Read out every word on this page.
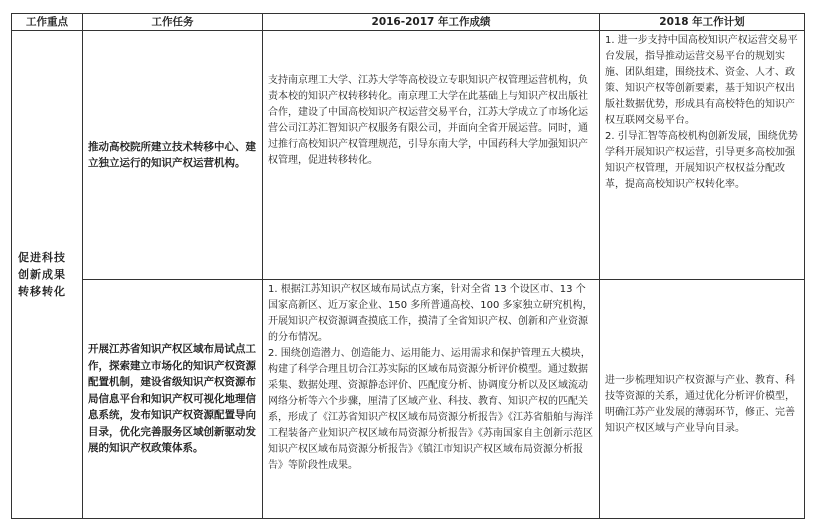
工作重点	工作任务	2016-2017 年工作成绩	2018 年工作计划
促进科技创新成果转移转化	推动高校院所建立技术转移中心、建立独立运行的知识产权运营机构。	支持南京理工大学、江苏大学等高校设立专职知识产权管理运营机构，负责本校的知识产权转移转化。南京理工大学在此基础上与知识产权出版社合作，建设了中国高校知识产权运营交易平台，江苏大学成立了市场化运营公司江苏汇智知识产权服务有限公司，并面向全省开展运营。同时，通过推行高校知识产权管理规范，引导东南大学，中国药科大学加强知识产权管理，促进转移转化。	1. 进一步支持中国高校知识产权运营交易平台发展，指导推动运营交易平台的规划实施、团队组建，围绕技术、资金、人才、政策、知识产权等创新要素，基于知识产权出版社数据优势，形成具有高校特色的知识产权互联网交易平台。
2. 引导汇智等高校机构创新发展，围绕优势学科开展知识产权运营，引导更多高校加强知识产权管理，开展知识产权权益分配改革，提高高校知识产权转化率。
	开展江苏省知识产权区域布局试点工作，探索建立市场化的知识产权资源配置机制，建设省级知识产权资源布局信息平台和知识产权可视化地理信息系统，发布知识产权资源配置导向目录，优化完善服务区域创新驱动发展的知识产权政策体系。	1. 根据江苏知识产权区域布局试点方案，针对全省 13 个设区市、13 个国家高新区、近万家企业、150 多所普通高校、100 多家独立研究机构，开展知识产权资源调查摸底工作，摸清了全省知识产权、创新和产业资源的分布情况。
2. 围绕创造潜力、创造能力、运用能力、运用需求和保护管理五大模块，构建了科学合理且切合江苏实际的区域布局资源分析评价模型。通过数据采集、数据处理、资源静态评价、匹配度分析、协调度分析以及区域流动网络分析等六个步骤，厘清了区域产业、科技、教育、知识产权的匹配关系，形成了《江苏省知识产权区域布局资源分析报告》《江苏省船舶与海洋工程装备产业知识产权区域布局资源分析报告》《苏南国家自主创新示范区知识产权区域布局资源分析报告》《镇江市知识产权区域布局资源分析报告》等阶段性成果。	进一步梳理知识产权资源与产业、教育、科技等资源的关系，通过优化分析评价模型，明确江苏产业发展的薄弱环节，修正、完善知识产权区域与产业导向目录。
